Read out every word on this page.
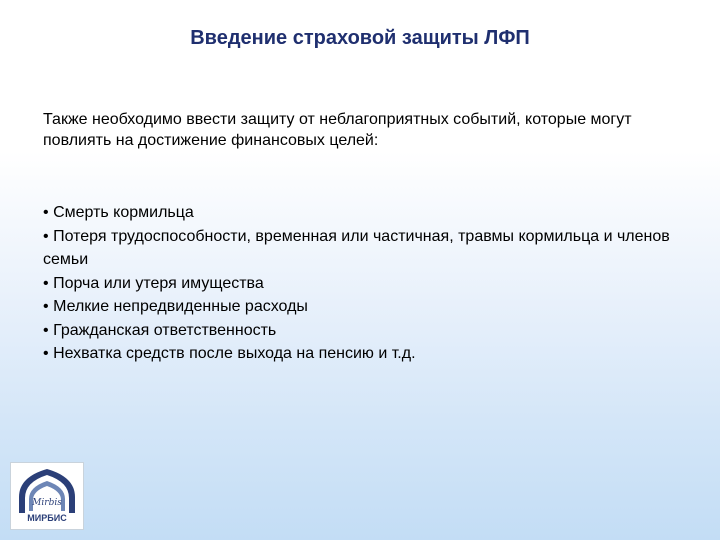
Введение страховой защиты ЛФП

Также необходимо ввести защиту от неблагоприятных событий, которые могут повлиять на достижение финансовых целей:

• Смерть кормильца
• Потеря трудоспособности, временная или частичная, травмы кормильца и членов семьи
• Порча или утеря имущества
• Мелкие непредвиденные расходы
• Гражданская ответственность
• Нехватка средств после выхода на пенсию и т.д.
Mirbis
МИРБИС
